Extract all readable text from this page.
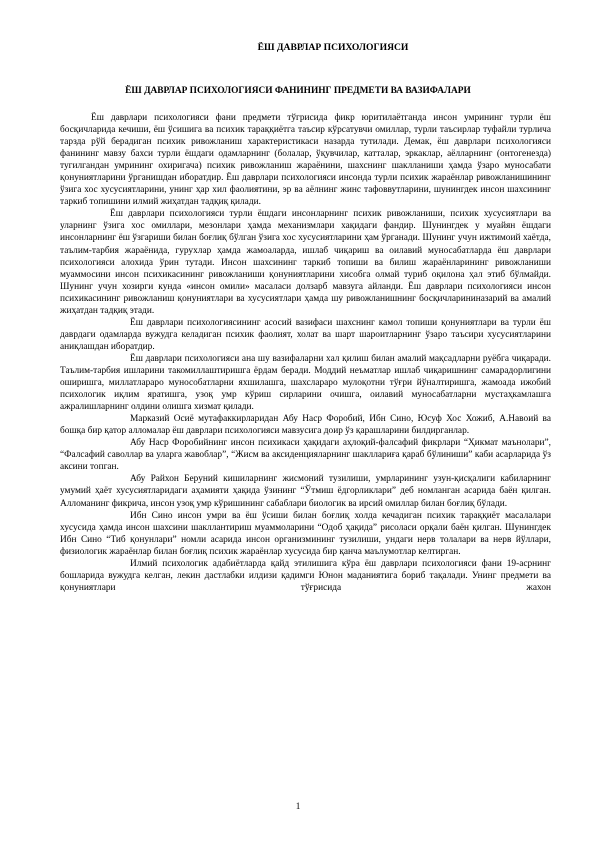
ЁШ ДАВРЛАР ПСИХОЛОГИЯСИ
ЁШ ДАВРЛАР ПСИХОЛОГИЯСИ ФАНИНИНГ ПРЕДМЕТИ ВА ВАЗИФАЛАРИ

Ёш даврлари психологияси фани предмети тўгрисида фикр юритилаётганда инсон умрининг турли ёш босқичларида кечиши, ёш ўсишига ва психик тараққиётга таъсир кўрсатувчи омиллар, турли таъсирлар туфайли турлича тарзда рўй берадиган психик ривожланиш характеристикаси назарда тутилади. Демак, ёш даврлари психологияси фанининг мавзу бахси турли ёшдаги одамларнинг (болалар, ўқувчилар, катталар, эркаклар, аёлларнинг (онтогенезда) тугилгандан умрининг охиригача) психик ривожланиш жараёнини, шахснинг шаклланиши ҳамда ўзаро муносабати қонуниятларини ўрганишдан иборатдир. Ёш даврлари психологияси инсонда турли психик жараёнлар ривожланишининг ўзига хос хусусиятларини, унинг ҳар хил фаолиятини, эр ва аёлнинг жинс тафоввутларини, шунингдек инсон шахсининг таркиб топишини илмий жиҳатдан тадқиқ қилади.

Ёш даврлари психологияси турли ёшдаги инсонларнинг психик ривожланиши, психик хусусиятлари ва уларнинг ўзига хос омиллари, мезонлари ҳамда механизмлари хақидаги фандир. Шунингдек у муайян ёшдаги инсонларнинг ёш ўзгариши билан боғлиқ бўлган ўзига хос хусусиятларини ҳам ўрганади. Шунинг учун ижтимоий хаётда, таълим-тарбия жараёнида, гурухлар ҳамда жамоаларда, ишлаб чиқариш ва оилавий муносабатларда ёш даврлари психологияси алохида ўрин тутади. Инсон шахсининг таркиб топиши ва билиш жараёнларининг ривожланиши муаммосини инсон психикасининг ривожланиши қонуниятларини хисобга олмай туриб оқилона ҳал этиб бўлмайди. Шунинг учун хозирги кунда «инсон омили» масаласи долзарб мавзуга айланди. Ёш даврлари психологияси инсон психикасининг ривожланиш қонуниятлари ва хусусиятлари ҳамда шу ривожланишнинг босқичларининазарий ва амалий жиҳатдан тадқиқ этади.

Ёш даврлари психологиясининг асосий вазифаси шахснинг камол топиши қонуниятлари ва турли ёш даврдаги одамларда вужудга келадиган психик фаолият, холат ва шарт шароитларнинг ўзаро таъсири хусусиятларини аниқлашдан иборатдир.

Ёш даврлари психологияси ана шу вазифаларни хал қилиш билан амалий мақсадларни руёбга чиқаради. Таълим-тарбия ишларини такомиллаштиришга ёрдам беради. Моддий неъматлар ишлаб чиқаришнинг самарадорлигини оширишга, миллатлараро мунособатларни яхшилашга, шахсларaро мулоқотни тўғри йўналтиришга, жамоада ижобий психологик иқлим яратишга, узоқ умр кўриш сирларини очишга, оилавий муносабатларни мустаҳкамлашга ажралишларнинг олдини олишга хизмат қилади.

Марказий Осиё мутафаккирларидан Абу Наср Форобий, Ибн Сино, Юсуф Хос Хожиб, А.Навоий ва бошқа бир қатор алломалар ёш даврлари психологияси мавзусига доир ўз қарашларини билдирганлар.

Абу Наср Форобийнинг инсон психикаси ҳақидаги аҳлоқий-фалсафий фикрлари “Ҳикмат маънолари”, “Фалсафий саволлар ва уларга жавоблар”, “Жисм ва аксиденцияларнинг шакллариға қараб бўлиниши” каби асарларида ўз аксини топган.

Абу Райхон Беруний кишиларнинг жисмоний тузилиши, умрларининг узун-қисқалиги кабиларнинг умумий ҳаёт хусусиятларидаги аҳамияти ҳақида ўзининг “Ўтмиш ёдгорликлари” деб номланган асарида баён қилган. Алломанинг фикрича, инсон узоқ умр кўришининг сабаблари биологик ва ирсий омиллар билан боғлиқ бўлади.

Ибн Сино инсон умри ва ёш ўсиши билан боғлиқ холда кечадиган психик тараққиёт масалалари хусусида ҳамда инсон шахсини шакллантириш муаммоларини “Одоб ҳақида” рисоласи орқали баён қилган. Шунингдек Ибн Сино “Тиб қонунлари” номли асарида инсон организмининг тузилиши, ундаги нерв толалари ва нерв йўллари, физиологик жараёнлар билан боғлиқ психик жараёнлар хусусида бир қанча маълумотлар келтирган.

Илмий психологик адабиётларда қайд этилишига кўра ёш даврлари психологияси фани 19-асрнинг бошларида вужудга келган, лекин дастлабки илдизи қадимги Юнон маданиятига бориб тақалади. Унинг предмети ва қонуниятлари тўғрисида жахон

1
